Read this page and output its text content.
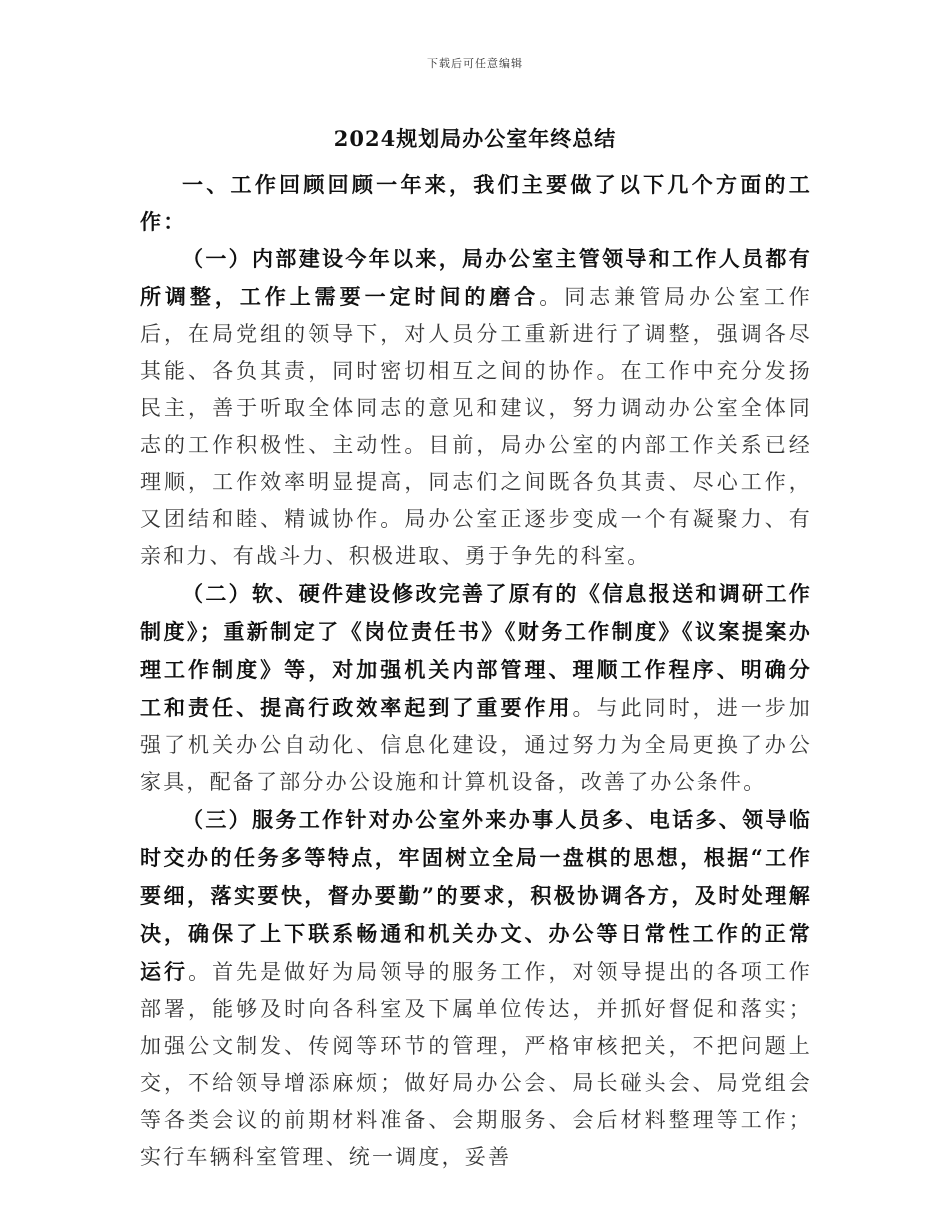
下载后可任意编辑
2024规划局办公室年终总结

一、工作回顾回顾一年来，我们主要做了以下几个方面的工作：

（一）内部建设今年以来，局办公室主管领导和工作人员都有所调整，工作上需要一定时间的磨合。同志兼管局办公室工作后，在局党组的领导下，对人员分工重新进行了调整，强调各尽其能、各负其责，同时密切相互之间的协作。在工作中充分发扬民主，善于听取全体同志的意见和建议，努力调动办公室全体同志的工作积极性、主动性。目前，局办公室的内部工作关系已经理顺，工作效率明显提高，同志们之间既各负其责、尽心工作，又团结和睦、精诚协作。局办公室正逐步变成一个有凝聚力、有亲和力、有战斗力、积极进取、勇于争先的科室。

（二）软、硬件建设修改完善了原有的《信息报送和调研工作制度》；重新制定了《岗位责任书》《财务工作制度》《议案提案办理工作制度》等，对加强机关内部管理、理顺工作程序、明确分工和责任、提高行政效率起到了重要作用。与此同时，进一步加强了机关办公自动化、信息化建设，通过努力为全局更换了办公家具，配备了部分办公设施和计算机设备，改善了办公条件。

（三）服务工作针对办公室外来办事人员多、电话多、领导临时交办的任务多等特点，牢固树立全局一盘棋的思想，根据“工作要细，落实要快，督办要勤”的要求，积极协调各方，及时处理解决，确保了上下联系畅通和机关办文、办公等日常性工作的正常运行。首先是做好为局领导的服务工作，对领导提出的各项工作部署，能够及时向各科室及下属单位传达，并抓好督促和落实；加强公文制发、传阅等环节的管理，严格审核把关，不把问题上交，不给领导增添麻烦；做好局办公会、局长碰头会、局党组会等各类会议的前期材料准备、会期服务、会后材料整理等工作；实行车辆科室管理、统一调度，妥善
